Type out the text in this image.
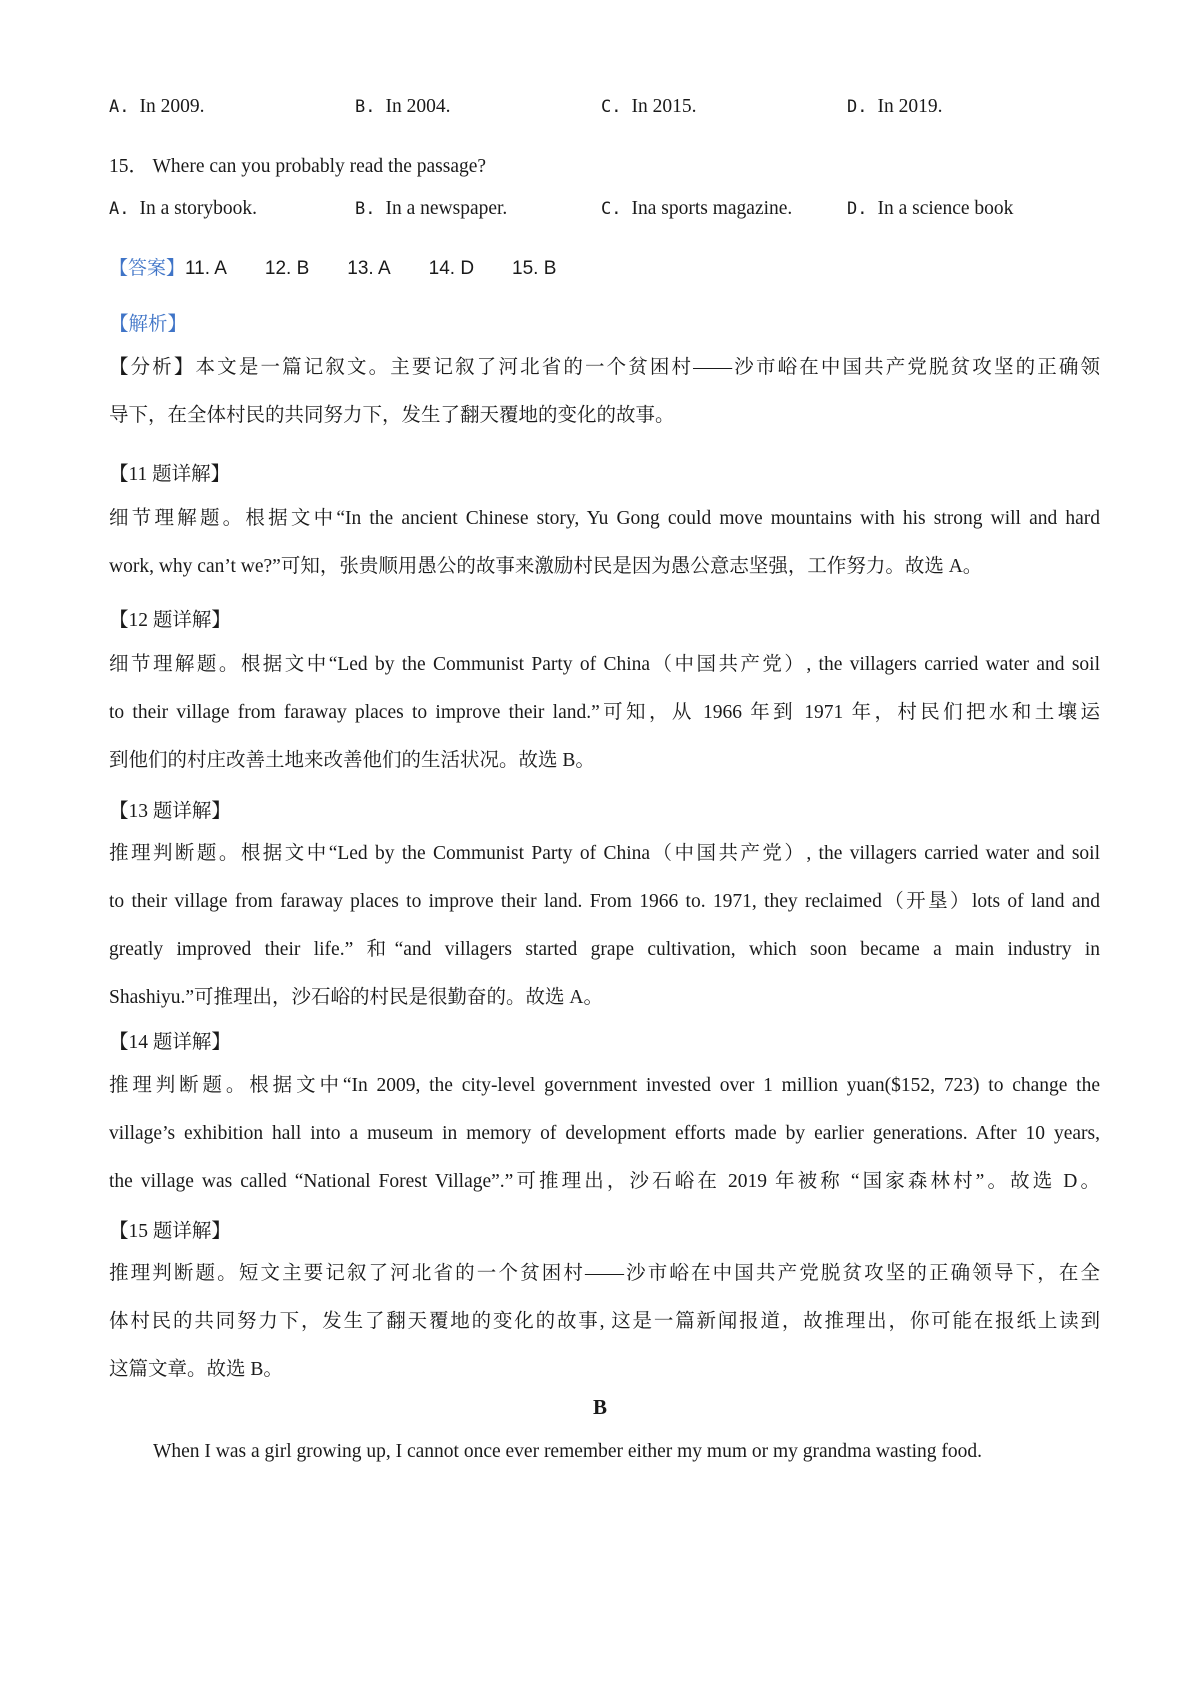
A. In 2009.	B. In 2004.	C. In 2015.	D. In 2019.
15． Where can you probably read the passage?
A. In a storybook.	B. In a newspaper.	C. Ina sports magazine.	D. In a science book
【答案】11. A 12. B 13. A 14. D 15. B
【解析】
【分析】本文是一篇记叙文。主要记叙了河北省的一个贫困村——沙市峪在中国共产党脱贫攻坚的正确领
导下，在全体村民的共同努力下，发生了翻天覆地的变化的故事。
【11 题详解】
细节理解题。根据文中“In the ancient Chinese story, Yu Gong could move mountains with his strong will and hard
work, why can’t we?”可知，张贵顺用愚公的故事来激励村民是因为愚公意志坚强，工作努力。故选 A。
【12 题详解】
细节理解题。根据文中“Led by the Communist Party of China（中国共产党）, the villagers carried water and soil
to their village from faraway places to improve their land.”可知，从 1966 年到 1971 年，村民们把水和土壤运
到他们的村庄改善土地来改善他们的生活状况。故选 B。
【13 题详解】
推理判断题。根据文中“Led by the Communist Party of China（中国共产党）, the villagers carried water and soil
to their village from faraway places to improve their land. From 1966 to. 1971, they reclaimed（开垦）lots of land and
greatly improved their life.” 和“and villagers started grape cultivation, which soon became a main industry in
Shashiyu.”可推理出，沙石峪的村民是很勤奋的。故选 A。
【14 题详解】
推理判断题。根据文中“In 2009, the city-level government invested over 1 million yuan($152, 723) to change the
village’s exhibition hall into a museum in memory of development efforts made by earlier generations. After 10 years,
the village was called “National Forest Village”.”可推理出，沙石峪在 2019 年被称 “国家森林村”。故选 D。
【15 题详解】
推理判断题。短文主要记叙了河北省的一个贫困村——沙市峪在中国共产党脱贫攻坚的正确领导下，在全
体村民的共同努力下，发生了翻天覆地的变化的故事, 这是一篇新闻报道，故推理出，你可能在报纸上读到
这篇文章。故选 B。
B
When I was a girl growing up, I cannot once ever remember either my mum or my grandma wasting food.
